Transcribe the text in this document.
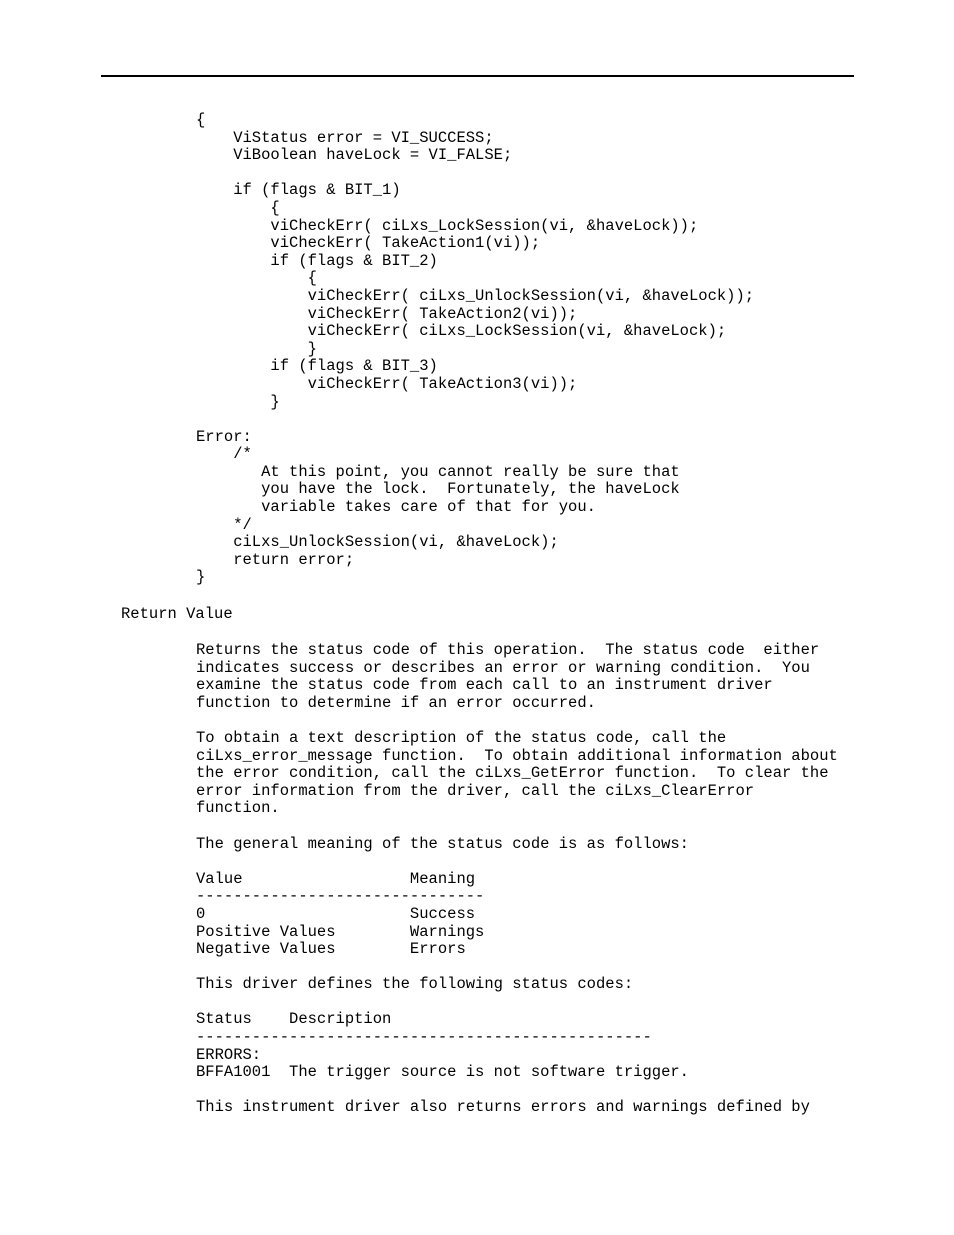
{
ViStatus error = VI_SUCCESS;
ViBoolean haveLock = VI_FALSE;

if (flags & BIT_1)
{
viCheckErr( ciLxs_LockSession(vi, &haveLock));
viCheckErr( TakeAction1(vi));
if (flags & BIT_2)
{
viCheckErr( ciLxs_UnlockSession(vi, &haveLock));
viCheckErr( TakeAction2(vi));
viCheckErr( ciLxs_LockSession(vi, &haveLock);
}
if (flags & BIT_3)
viCheckErr( TakeAction3(vi));
}

Error:
/*
At this point, you cannot really be sure that
you have the lock.  Fortunately, the haveLock
variable takes care of that for you.
*/
ciLxs_UnlockSession(vi, &haveLock);
return error;
}
Return Value
Returns the status code of this operation.  The status code  either
indicates success or describes an error or warning condition.  You
examine the status code from each call to an instrument driver
function to determine if an error occurred.

To obtain a text description of the status code, call the
ciLxs_error_message function.  To obtain additional information about
the error condition, call the ciLxs_GetError function.  To clear the
error information from the driver, call the ciLxs_ClearError
function.

The general meaning of the status code is as follows:

Value                  Meaning
-------------------------------
0                      Success
Positive Values        Warnings
Negative Values        Errors

This driver defines the following status codes:

Status    Description
-------------------------------------------------
ERRORS:
BFFA1001  The trigger source is not software trigger.

This instrument driver also returns errors and warnings defined by
